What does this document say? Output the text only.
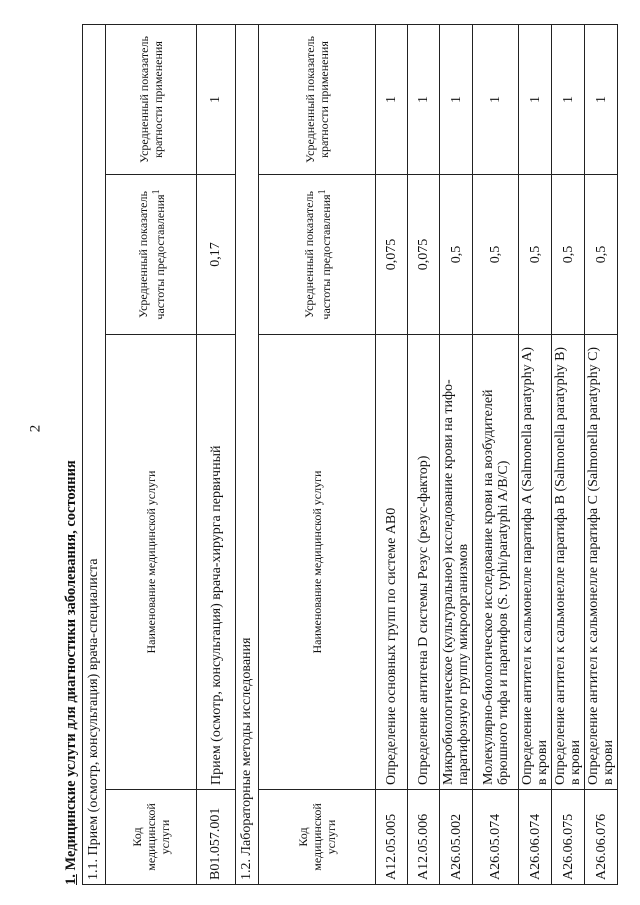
2
1. Медицинские услуги для диагностики заболевания, состояния 1.1. Прием (осмотр, консультация) врача-специалиста			
Код медицинской услуги	Наименование медицинской услуги	Усредненный показатель частоты предоставления$^1$	Усредненный показатель кратности применения
B01.057.001	Прием (осмотр, консультация) врача-хирурга первичный	0,17	1
1.2. Лабораторные методы исследования			
Код медицинской услуги	Наименование медицинской услуги	Усредненный показатель частоты предоставления$^1$	Усредненный показатель кратности применения
A12.05.005	Определение основных групп по системе AB0	0,075	1
A12.05.006	Определение антигена D системы Резус (резус-фактор)	0,075	1
A26.05.002	Микробиологическое (культуральное) исследование крови на тифо-паратифозную группу микроорганизмов	0,5	1
A26.05.074	Молекулярно-биологическое исследование крови на возбудителей брюшного тифа и паратифов (S. typhi/paratyphi A/B/C)	0,5	1
A26.06.074	Определение антител к сальмонелле паратифа A (Salmonella paratyphy A) в крови	0,5	1
A26.06.075	Определение антител к сальмонелле паратифа B (Salmonella paratyphy B) в крови	0,5	1
A26.06.076	Определение антител к сальмонелле паратифа C (Salmonella paratyphy C) в крови	0,5	1
